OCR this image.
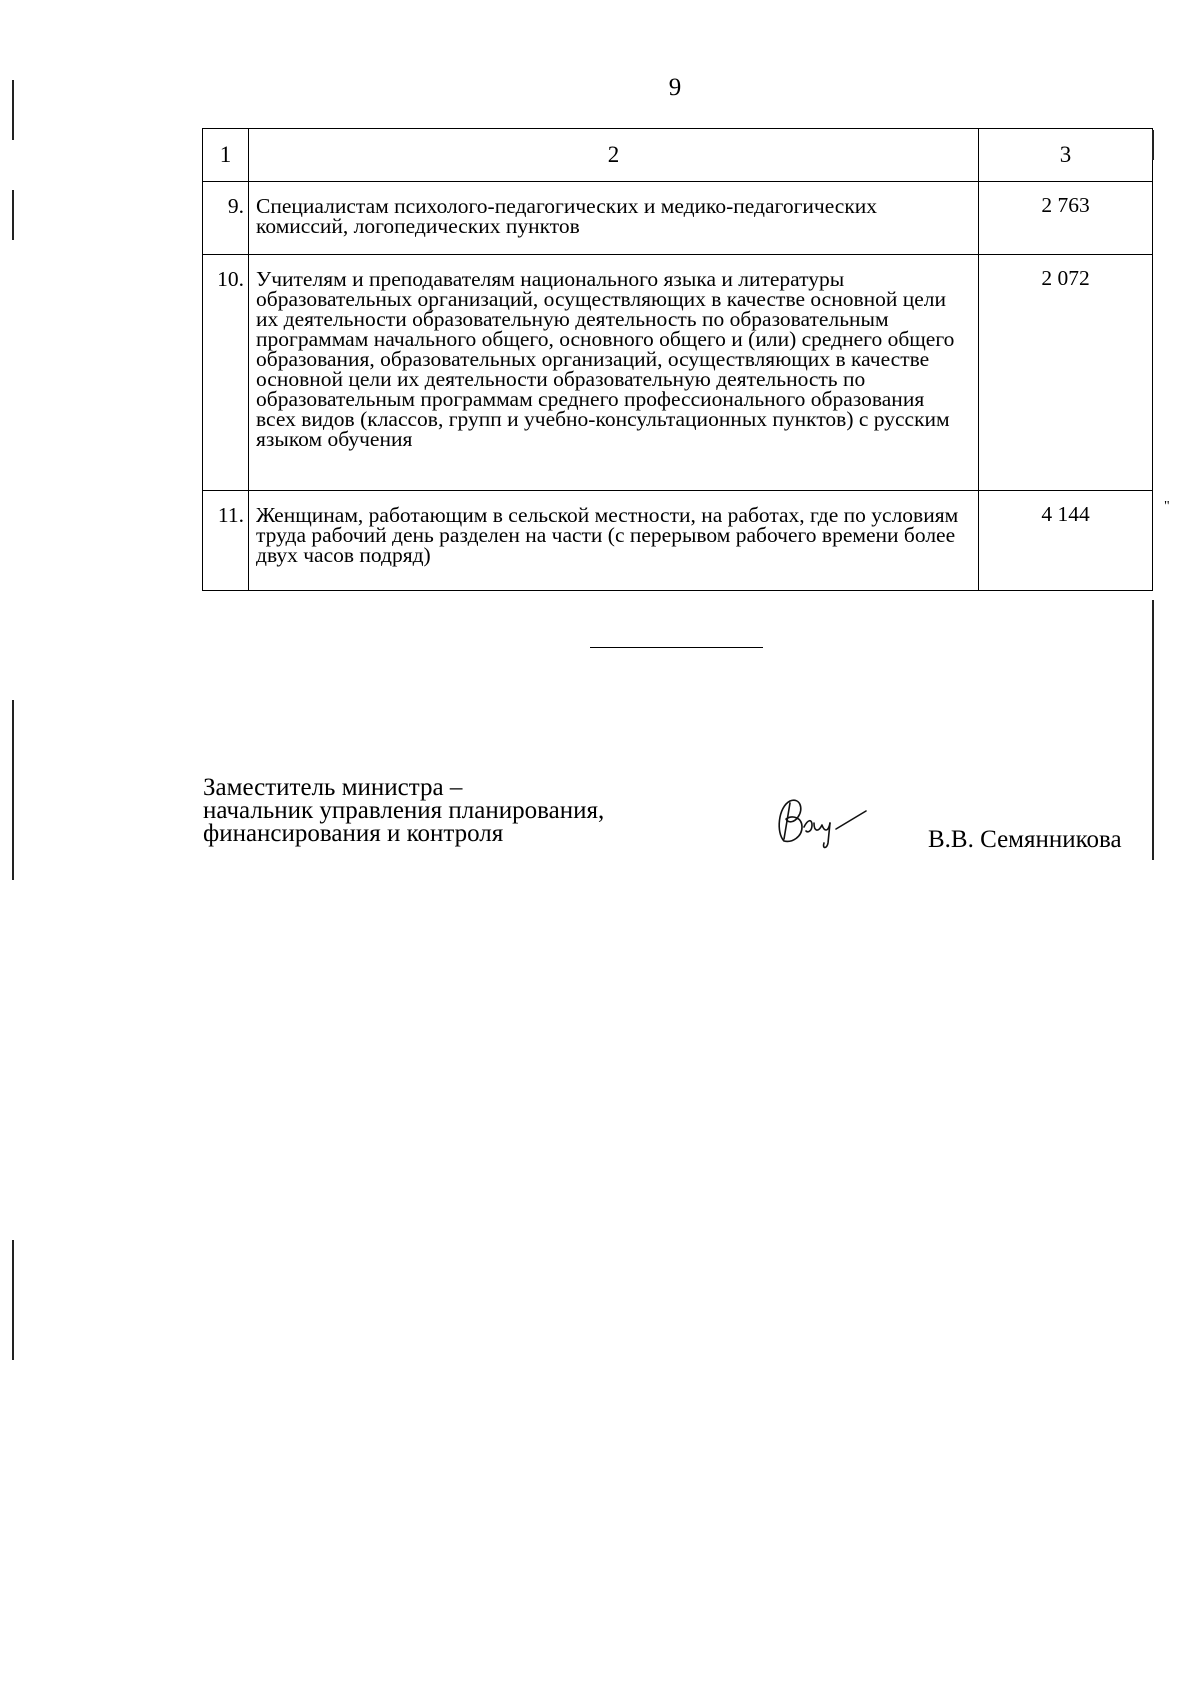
9
1	2	3
9.	Специалистам психолого-педагогических и медико-педагогических комиссий, логопедических пунктов	2 763
10.	Учителям и преподавателям национального языка и литературы образовательных организаций, осуществляющих в качестве основной цели их деятельности образовательную деятельность по образовательным программам начального общего, основного общего и (или) среднего общего образования, образовательных организаций, осуществляющих в качестве основной цели их деятельности образовательную деятельность по образовательным программам среднего профессионального образования всех видов (классов, групп и учебно-консультационных пунктов) с русским языком обучения	2 072
11.	Женщинам, работающим в сельской местности, на работах, где по условиям труда рабочий день разделен на части (с перерывом рабочего времени более двух часов подряд)	4 144	"
Заместитель министра –
начальник управления планирования,
финансирования и контроля	В.В. Семянникова
